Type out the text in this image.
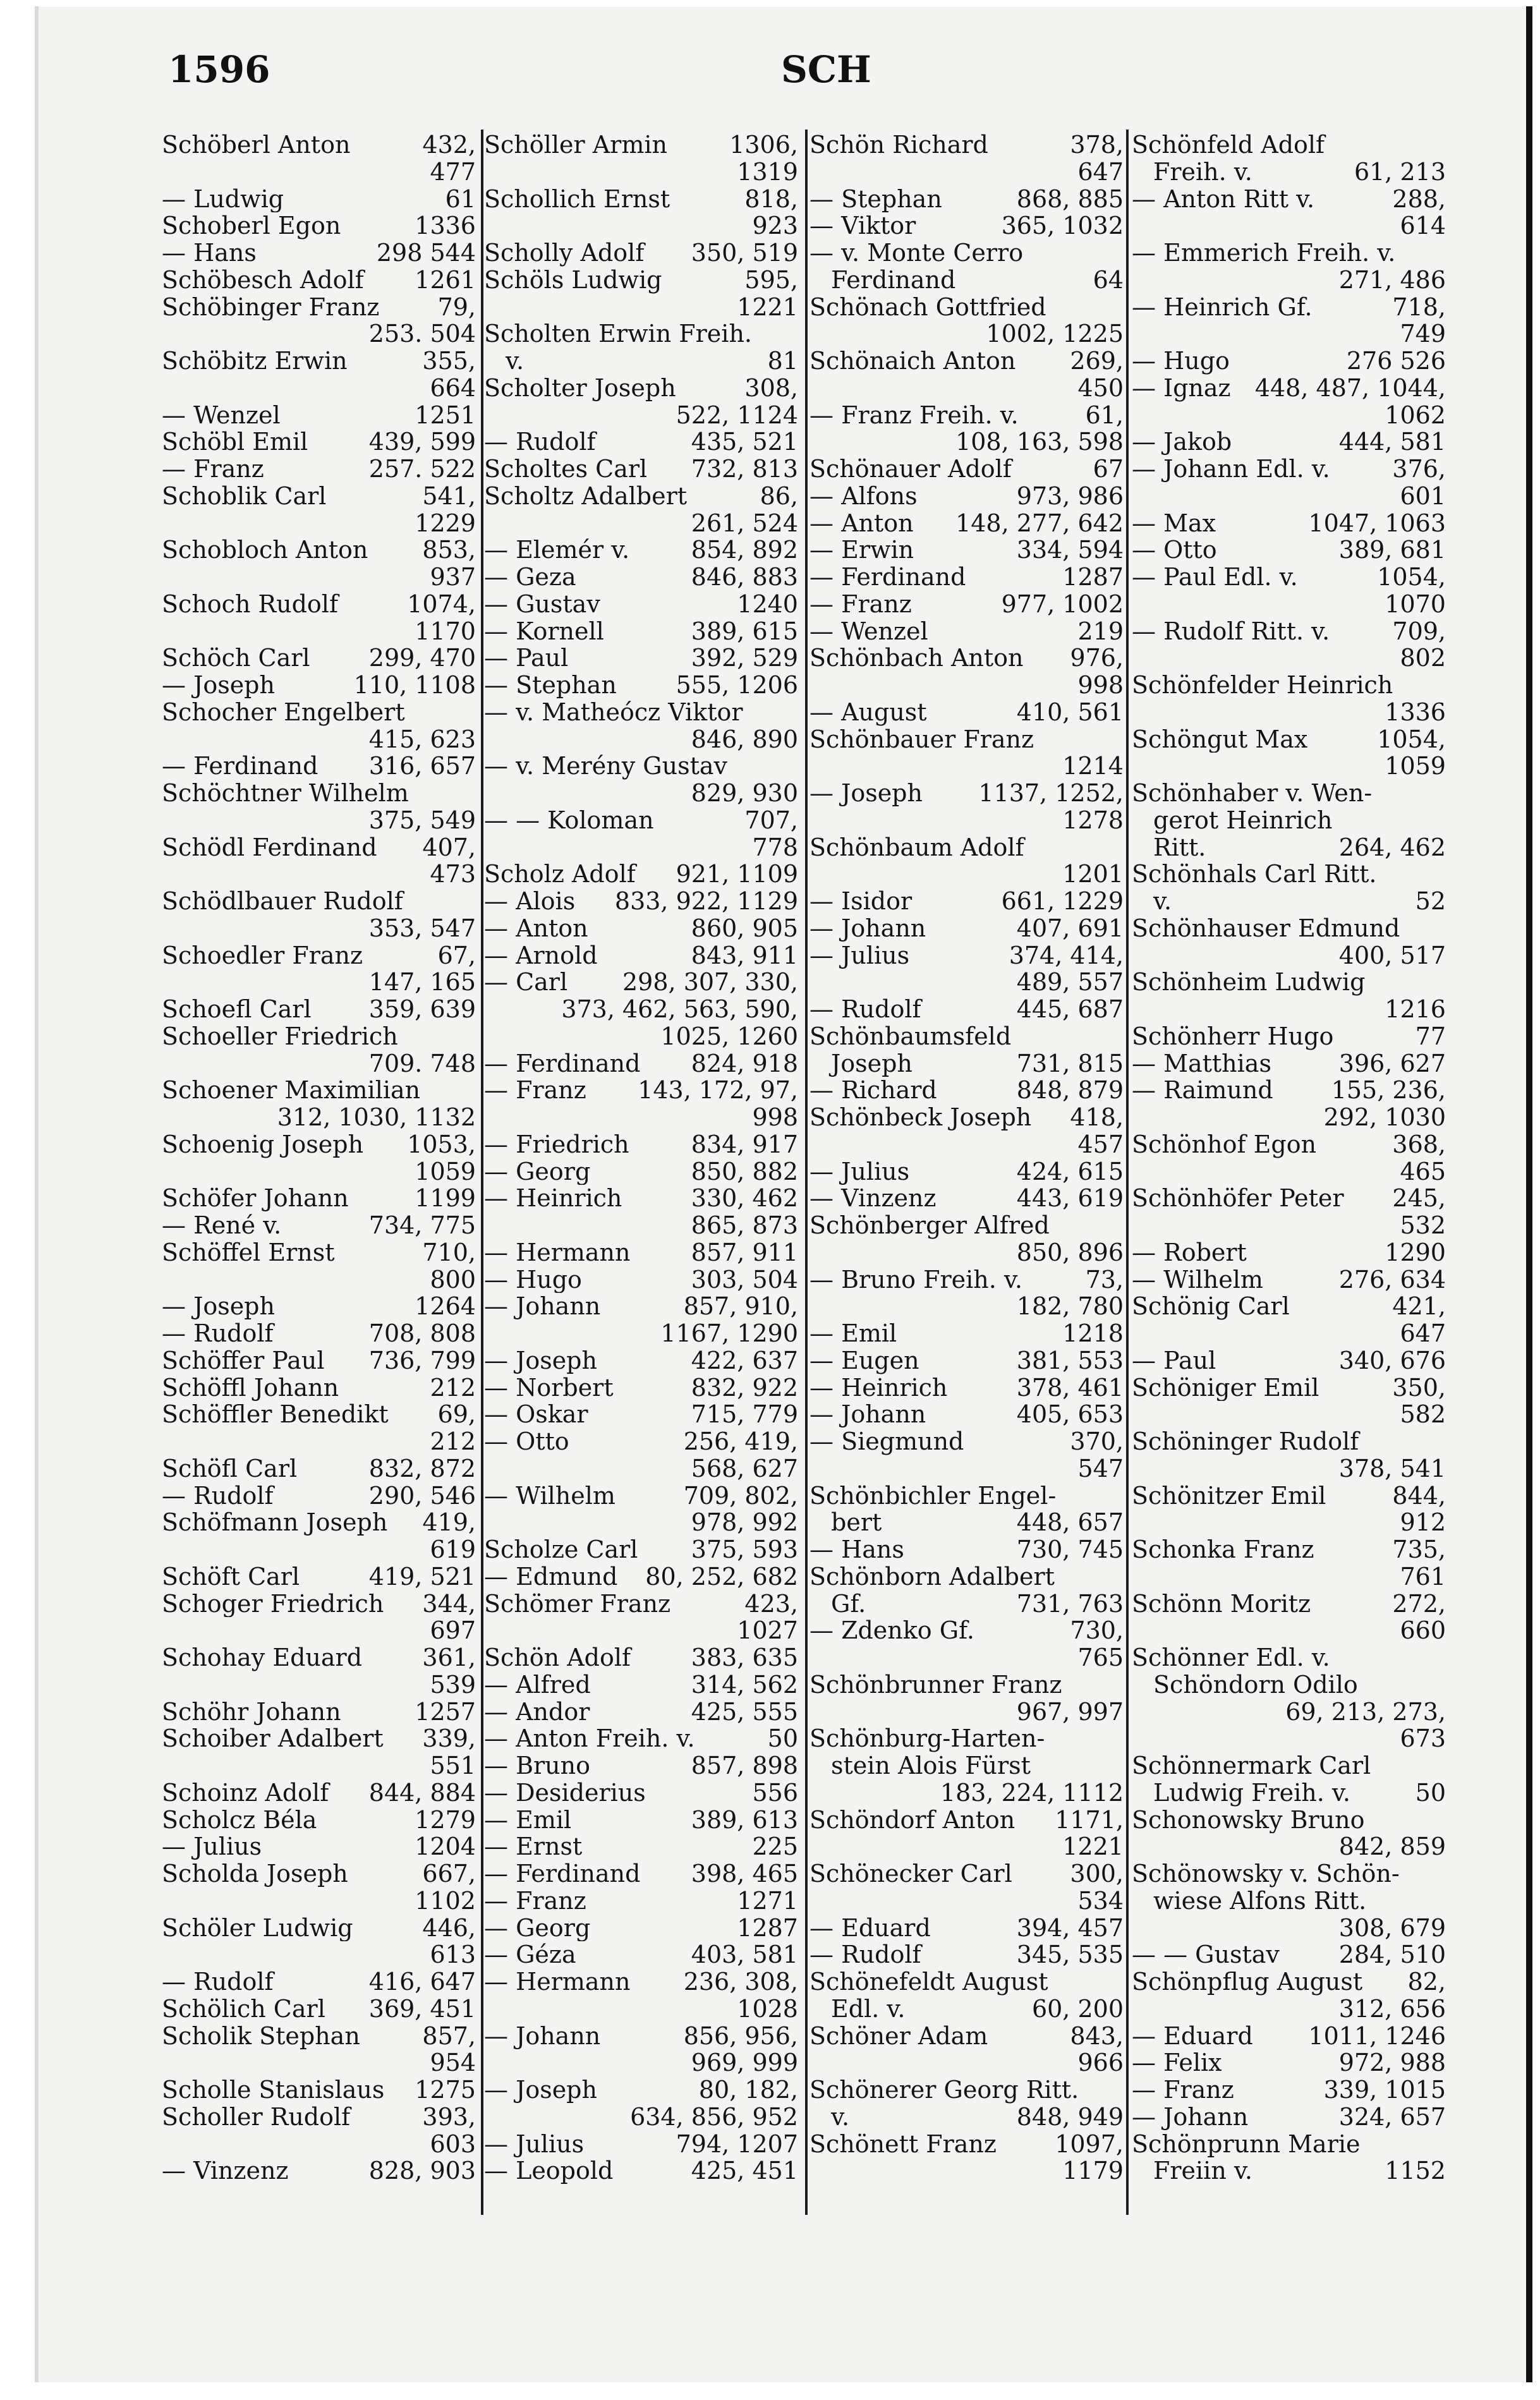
1596	SCH
Schöberl Anton	432,
477
— Ludwig	61
Schoberl Egon	1336
— Hans	298 544
Schöbesch Adolf	1261
Schöbinger Franz	79,
253. 504
Schöbitz Erwin	355,
664
— Wenzel	1251
Schöbl Emil	439, 599
— Franz	257. 522
Schoblik Carl	541,
1229
Schobloch Anton	853,
937
Schoch Rudolf	1074,
1170
Schöch Carl	299, 470
— Joseph	110, 1108
Schocher Engelbert
415, 623
— Ferdinand	316, 657
Schöchtner Wilhelm
375, 549
Schödl Ferdinand	407,
473
Schödlbauer Rudolf
353, 547
Schoedler Franz	67,
147, 165
Schoefl Carl	359, 639
Schoeller Friedrich
709. 748
Schoener Maximilian
312, 1030, 1132
Schoenig Joseph	1053,
1059
Schöfer Johann	1199
— René v.	734, 775
Schöffel Ernst	710,
800
— Joseph	1264
— Rudolf	708, 808
Schöffer Paul	736, 799
Schöffl Johann	212
Schöffler Benedikt	69,
212
Schöfl Carl	832, 872
— Rudolf	290, 546
Schöfmann Joseph	419,
619
Schöft Carl	419, 521
Schoger Friedrich	344,
697
Schohay Eduard	361,
539
Schöhr Johann	1257
Schoiber Adalbert	339,
551
Schoinz Adolf	844, 884
Scholcz Béla	1279
— Julius	1204
Scholda Joseph	667,
1102
Schöler Ludwig	446,
613
— Rudolf	416, 647
Schölich Carl	369, 451
Scholik Stephan	857,
954
Scholle Stanislaus	1275
Scholler Rudolf	393,
603
— Vinzenz	828, 903
Schöller Armin	1306,
1319
Schollich Ernst	818,
923
Scholly Adolf	350, 519
Schöls Ludwig	595,
1221
Scholten Erwin Freih.
v.	81
Scholter Joseph	308,
522, 1124
— Rudolf	435, 521
Scholtes Carl	732, 813
Scholtz Adalbert	86,
261, 524
— Elemér v.	854, 892
— Geza	846, 883
— Gustav	1240
— Kornell	389, 615
— Paul	392, 529
— Stephan	555, 1206
— v. Matheócz Viktor
846, 890
— v. Merény Gustav
829, 930
— — Koloman	707,
778
Scholz Adolf	921, 1109
— Alois	833, 922, 1129
— Anton	860, 905
— Arnold	843, 911
— Carl	298, 307, 330,
373, 462, 563, 590,
1025, 1260
— Ferdinand	824, 918
— Franz	143, 172, 97,
998
— Friedrich	834, 917
— Georg	850, 882
— Heinrich	330, 462
865, 873
— Hermann	857, 911
— Hugo	303, 504
— Johann	857, 910,
1167, 1290
— Joseph	422, 637
— Norbert	832, 922
— Oskar	715, 779
— Otto	256, 419,
568, 627
— Wilhelm	709, 802,
978, 992
Scholze Carl	375, 593
— Edmund	80, 252, 682
Schömer Franz	423,
1027
Schön Adolf	383, 635
— Alfred	314, 562
— Andor	425, 555
— Anton Freih. v.	50
— Bruno	857, 898
— Desiderius	556
— Emil	389, 613
— Ernst	225
— Ferdinand	398, 465
— Franz	1271
— Georg	1287
— Géza	403, 581
— Hermann	236, 308,
1028
— Johann	856, 956,
969, 999
— Joseph	80, 182,
634, 856, 952
— Julius	794, 1207
— Leopold	425, 451
Schön Richard	378,
647
— Stephan	868, 885
— Viktor	365, 1032
— v. Monte Cerro
Ferdinand	64
Schönach Gottfried
1002, 1225
Schönaich Anton	269,
450
— Franz Freih. v.	61,
108, 163, 598
Schönauer Adolf	67
— Alfons	973, 986
— Anton	148, 277, 642
— Erwin	334, 594
— Ferdinand	1287
— Franz	977, 1002
— Wenzel	219
Schönbach Anton	976,
998
— August	410, 561
Schönbauer Franz
1214
— Joseph	1137, 1252,
1278
Schönbaum Adolf
1201
— Isidor	661, 1229
— Johann	407, 691
— Julius	374, 414,
489, 557
— Rudolf	445, 687
Schönbaumsfeld
Joseph	731, 815
— Richard	848, 879
Schönbeck Joseph	418,
457
— Julius	424, 615
— Vinzenz	443, 619
Schönberger Alfred
850, 896
— Bruno Freih. v.	73,
182, 780
— Emil	1218
— Eugen	381, 553
— Heinrich	378, 461
— Johann	405, 653
— Siegmund	370,
547
Schönbichler Engel-
bert	448, 657
— Hans	730, 745
Schönborn Adalbert
Gf.	731, 763
— Zdenko Gf.	730,
765
Schönbrunner Franz
967, 997
Schönburg-Harten-
stein Alois Fürst
183, 224, 1112
Schöndorf Anton	1171,
1221
Schönecker Carl	300,
534
— Eduard	394, 457
— Rudolf	345, 535
Schönefeldt August
Edl. v.	60, 200
Schöner Adam	843,
966
Schönerer Georg Ritt.
v.	848, 949
Schönett Franz	1097,
1179
Schönfeld Adolf
Freih. v.	61, 213
— Anton Ritt v.	288,
614
— Emmerich Freih. v.
271, 486
— Heinrich Gf.	718,
749
— Hugo	276 526
— Ignaz	448, 487, 1044,
1062
— Jakob	444, 581
— Johann Edl. v.	376,
601
— Max	1047, 1063
— Otto	389, 681
— Paul Edl. v.	1054,
1070
— Rudolf Ritt. v.	709,
802
Schönfelder Heinrich
1336
Schöngut Max	1054,
1059
Schönhaber v. Wen-
gerot Heinrich
Ritt.	264, 462
Schönhals Carl Ritt.
v.	52
Schönhauser Edmund
400, 517
Schönheim Ludwig
1216
Schönherr Hugo	77
— Matthias	396, 627
— Raimund	155, 236,
292, 1030
Schönhof Egon	368,
465
Schönhöfer Peter	245,
532
— Robert	1290
— Wilhelm	276, 634
Schönig Carl	421,
647
— Paul	340, 676
Schöniger Emil	350,
582
Schöninger Rudolf
378, 541
Schönitzer Emil	844,
912
Schonka Franz	735,
761
Schönn Moritz	272,
660
Schönner Edl. v.
Schöndorn Odilo
69, 213, 273,
673
Schönnermark Carl
Ludwig Freih. v.	50
Schonowsky Bruno
842, 859
Schönowsky v. Schön-
wiese Alfons Ritt.
308, 679
— — Gustav	284, 510
Schönpflug August	82,
312, 656
— Eduard	1011, 1246
— Felix	972, 988
— Franz	339, 1015
— Johann	324, 657
Schönprunn Marie
Freiin v.	1152
